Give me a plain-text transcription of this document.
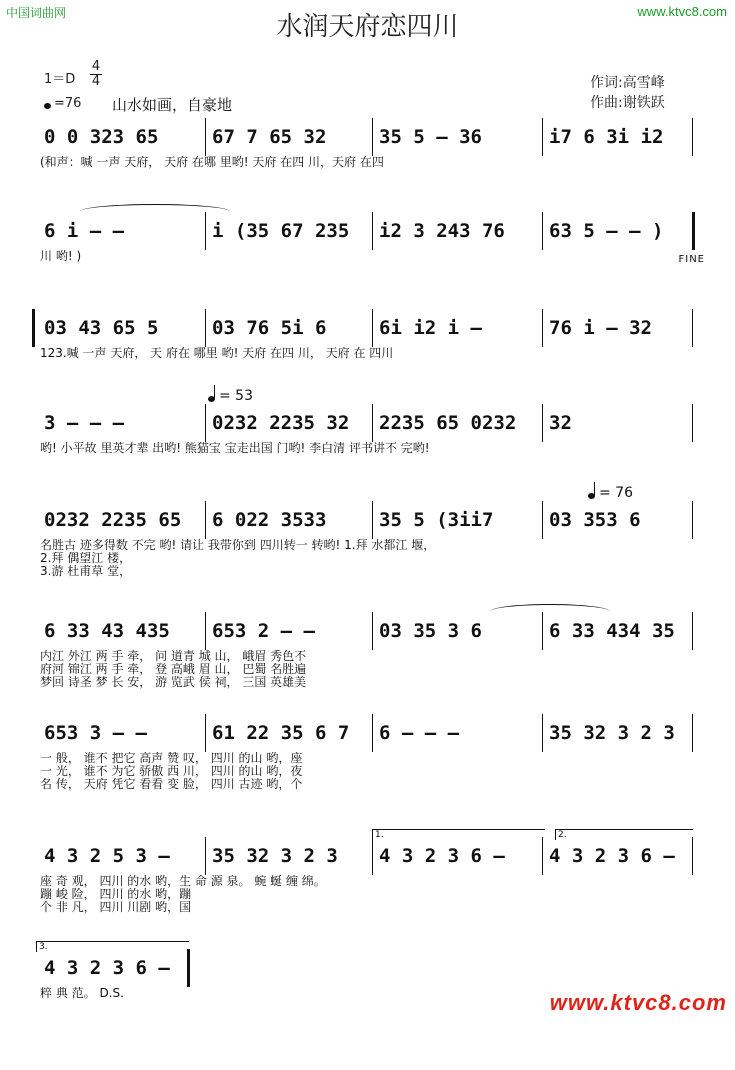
中国词曲网	www.ktvc8.com
水润天府恋四川
1＝D
4
4
=76 山水如画，自豪地
作词:高雪峰
作曲:谢铁跃
0 0 323 65	67 7 65 32	35 5 – 36	i7 6 3i i2
(和声：喊 一声 天府， 天府 在哪 里哟! 天府 在四 川，天府 在四
6 i – –	i (35 67 235	i2 3 243 76	63 5 – – )
川 哟! )	FINE
03 43 65 5	03 76 5i 6	6i i2 i –	76 i – 32
123.喊 一声 天府， 天 府在 哪里 哟! 天府 在四 川， 天府 在 四川
3 – – –	0232 2235 32	2235 65 0232	32
哟! 小平故 里英才辈 出哟! 熊猫宝 宝走出国 门哟! 李白清 评书讲不 完哟!
= 53
0232 2235 65	6 022 3533	35 5 (3ii7	03 353 6
名胜古 迹多得数 不完 哟! 请让 我带你到 四川转一 转哟! 1.拜 水都江 堰，
2.拜 偶望江 楼，
3.游 杜甫草 堂，
= 76
6 33 43 435	653 2 – –	03 35 3 6	6 33 434 35
内江 外江 两 手 牵， 问 道青 城 山， 峨眉 秀色不
府河 锦江 两 手 牵， 登 高峨 眉 山， 巴蜀 名胜遍
梦回 诗圣 梦 长 安， 游 览武 侯 祠， 三国 英雄美
653 3 – –	61 22 35 6 7	6 – – –	35 32 3 2 3
一 般， 谁不 把它 高声 赞 叹， 四川 的山 哟，座
一 光， 谁不 为它 骄傲 西 川， 四川 的山 哟，夜
名 传， 天府 凭它 看看 变 脸， 四川 古迹 哟，个
4 3 2 5 3 –	35 32 3 2 3	4 3 2 3 6 –	4 3 2 3 6 –
座 奇 观， 四川 的水 哟，生 命 源 泉。 蜿 蜒 缠 绵。
蹦 峻 险， 四川 的水 哟，蹦
个 非 凡， 四川 川剧 哟，国
1.	2.
4 3 2 3 6 –
粹 典 范。 D.S.
3.
www.ktvc8.com
